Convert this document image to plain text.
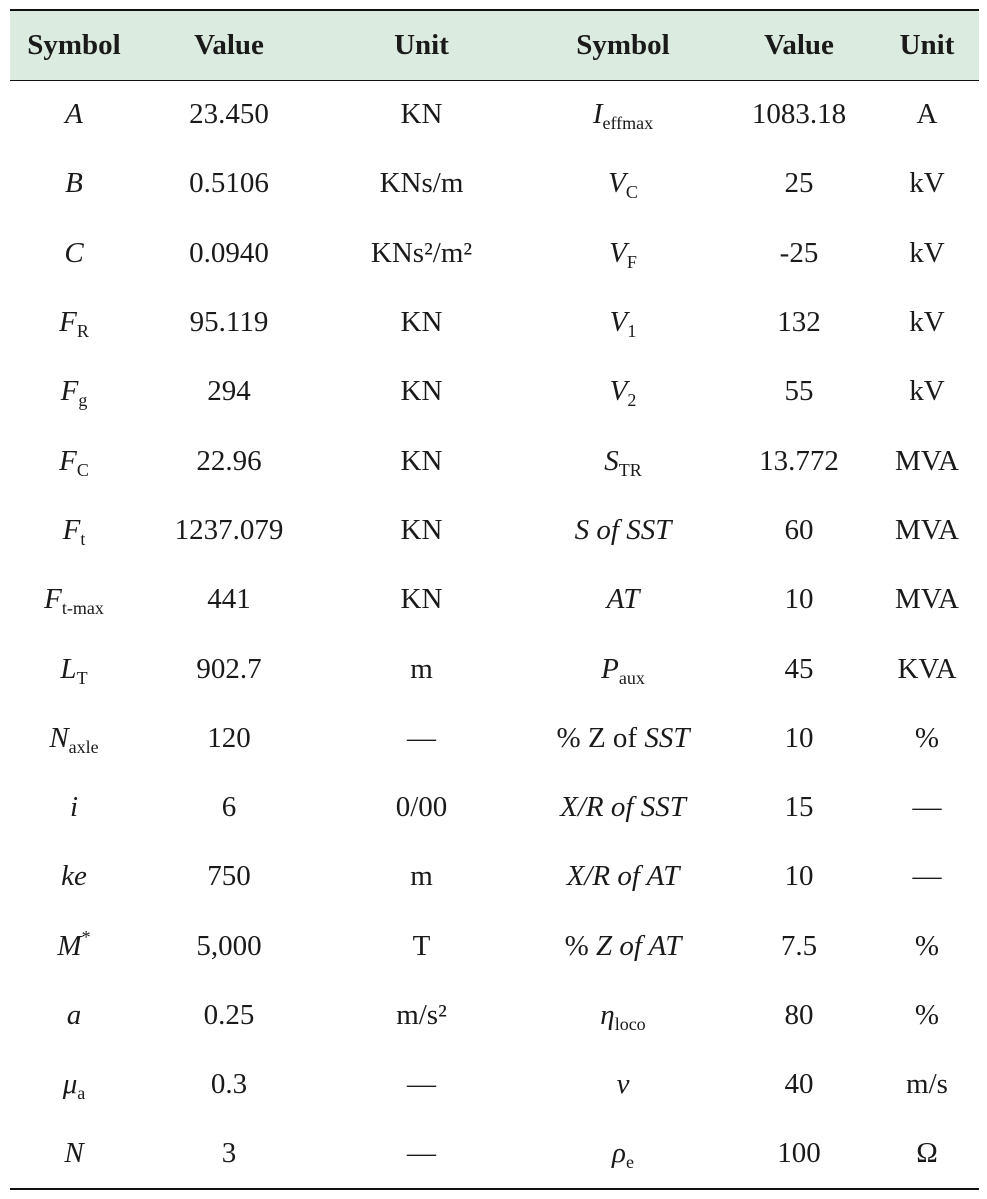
Symbol	Value	Unit	Symbol	Value	Unit
A	23.450	KN	$I_{effmax}$	1083.18	A
B	0.5106	KNs/m	$V_C$	25	kV
C	0.0940	KNs²/m²	$V_F$	-25	kV
$F_R$	95.119	KN	$V_1$	132	kV
$F_g$	294	KN	$V_2$	55	kV
$F_C$	22.96	KN	$S_{TR}$	13.772	MVA
$F_t$	1237.079	KN	S of SST	60	MVA
$F_{t-max}$	441	KN	AT	10	MVA
$L_T$	902.7	m	$P_{aux}$	45	KVA
$N_{axle}$	120	—	% Z of SST	10	%
i	6	0/00	X/R of SST	15	—
ke	750	m	X/R of AT	10	—
M*	5,000	T	% Z of AT	7.5	%
a	0.25	m/s²	$\eta_{loco}$	80	%
$\mu_a$	0.3	—	v	40	m/s
N	3	—	$\rho_e$	100	Ω
